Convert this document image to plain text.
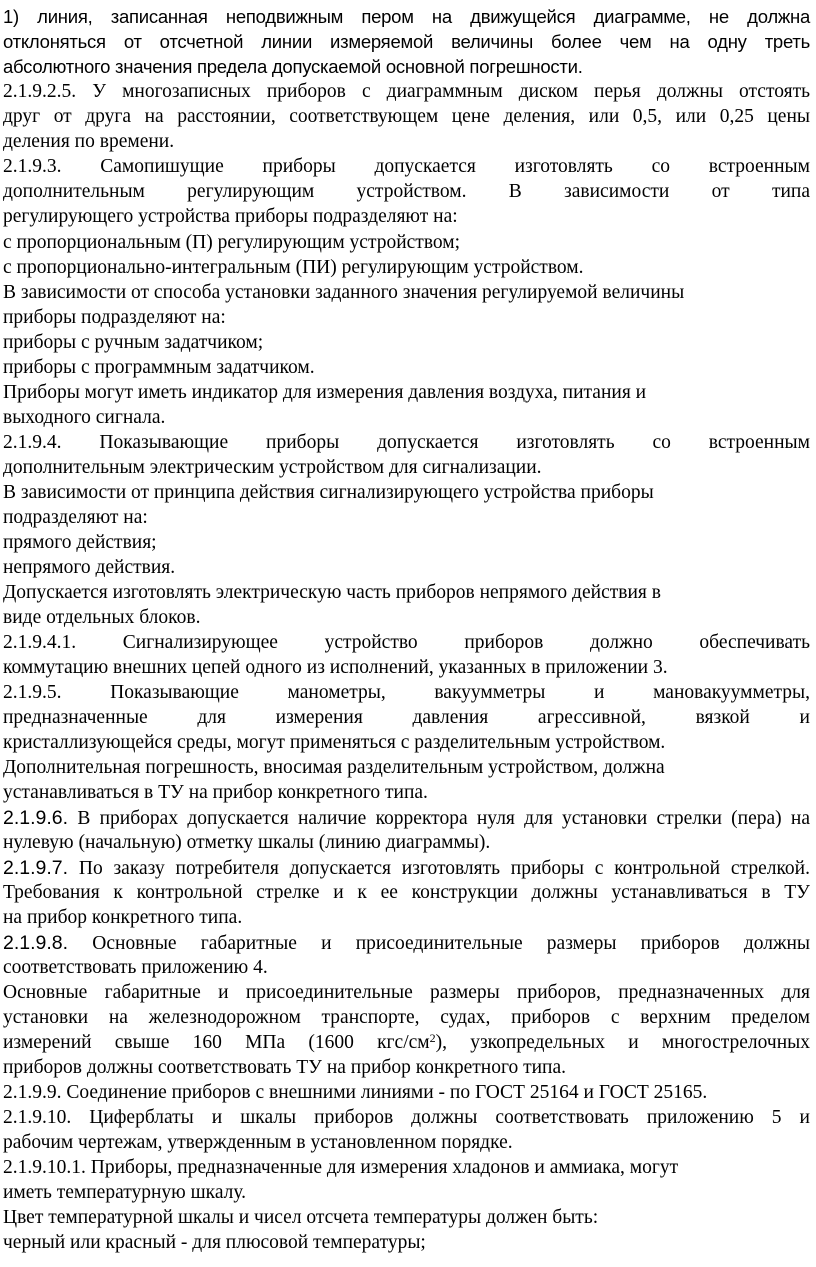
1) линия, записанная неподвижным пером на движущейся диаграмме, не должна
отклоняться от отсчетной линии измеряемой величины более чем на одну треть
абсолютного значения предела допускаемой основной погрешности.
2.1.9.2.5. У многозаписных приборов с диаграммным диском перья должны отстоять
друг от друга на расстоянии, соответствующем цене деления, или 0,5, или 0,25 цены
деления по времени.
2.1.9.3. Самопишущие приборы допускается изготовлять со встроенным
дополнительным регулирующим устройством. В зависимости от типа
регулирующего устройства приборы подразделяют на:
с пропорциональным (П) регулирующим устройством;
с пропорционально-интегральным (ПИ) регулирующим устройством.
В зависимости от способа установки заданного значения регулируемой величины
приборы подразделяют на:
приборы с ручным задатчиком;
приборы с программным задатчиком.
Приборы могут иметь индикатор для измерения давления воздуха, питания и
выходного сигнала.
2.1.9.4. Показывающие приборы допускается изготовлять со встроенным
дополнительным электрическим устройством для сигнализации.
В зависимости от принципа действия сигнализирующего устройства приборы
подразделяют на:
прямого действия;
непрямого действия.
Допускается изготовлять электрическую часть приборов непрямого действия в
виде отдельных блоков.
2.1.9.4.1. Сигнализирующее устройство приборов должно обеспечивать
коммутацию внешних цепей одного из исполнений, указанных в приложении 3.
2.1.9.5. Показывающие манометры, вакуумметры и мановакуумметры,
предназначенные для измерения давления агрессивной, вязкой и
кристаллизующейся среды, могут применяться с разделительным устройством.
Дополнительная погрешность, вносимая разделительным устройством, должна
устанавливаться в ТУ на прибор конкретного типа.
2.1.9.6. В приборах допускается наличие корректора нуля для установки стрелки (пера) на
нулевую (начальную) отметку шкалы (линию диаграммы).
2.1.9.7. По заказу потребителя допускается изготовлять приборы с контрольной стрелкой.
Требования к контрольной стрелке и к ее конструкции должны устанавливаться в ТУ
на прибор конкретного типа.
2.1.9.8. Основные габаритные и присоединительные размеры приборов должны
соответствовать приложению 4.
Основные габаритные и присоединительные размеры приборов, предназначенных для
установки на железнодорожном транспорте, судах, приборов с верхним пределом
измерений свыше 160 МПа (1600 кгс/$см^2$), узкопредельных и многострелочных
приборов должны соответствовать ТУ на прибор конкретного типа.
2.1.9.9. Соединение приборов с внешними линиями - по ГОСТ 25164 и ГОСТ 25165.
2.1.9.10. Циферблаты и шкалы приборов должны соответствовать приложению 5 и
рабочим чертежам, утвержденным в установленном порядке.
2.1.9.10.1. Приборы, предназначенные для измерения хладонов и аммиака, могут
иметь температурную шкалу.
Цвет температурной шкалы и чисел отсчета температуры должен быть:
черный или красный - для плюсовой температуры;
